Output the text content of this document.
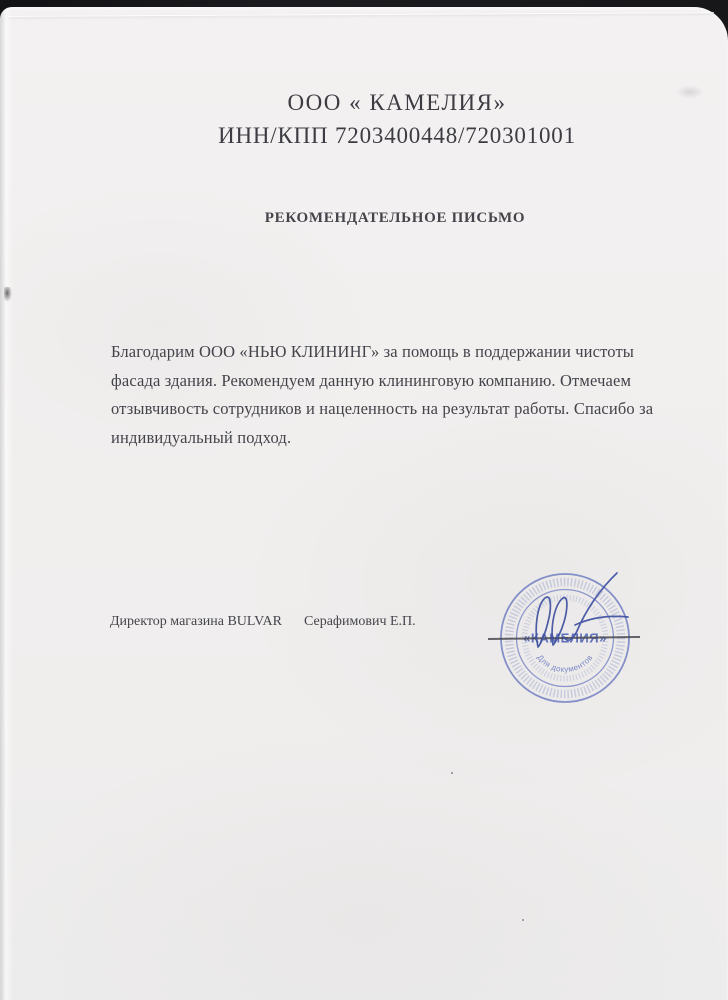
ООО « КАМЕЛИЯ»
ИНН/КПП 7203400448/720301001
РЕКОМЕНДАТЕЛЬНОЕ ПИСЬМО
Благодарим ООО «НЬЮ КЛИНИНГ» за помощь в поддержании чистоты
фасада здания. Рекомендуем данную клининговую компанию. Отмечаем
отзывчивость сотрудников и нацеленность на результат работы. Спасибо за
индивидуальный подход.
Директор магазина BULVAR Серафимович Е.П.
Для документов
